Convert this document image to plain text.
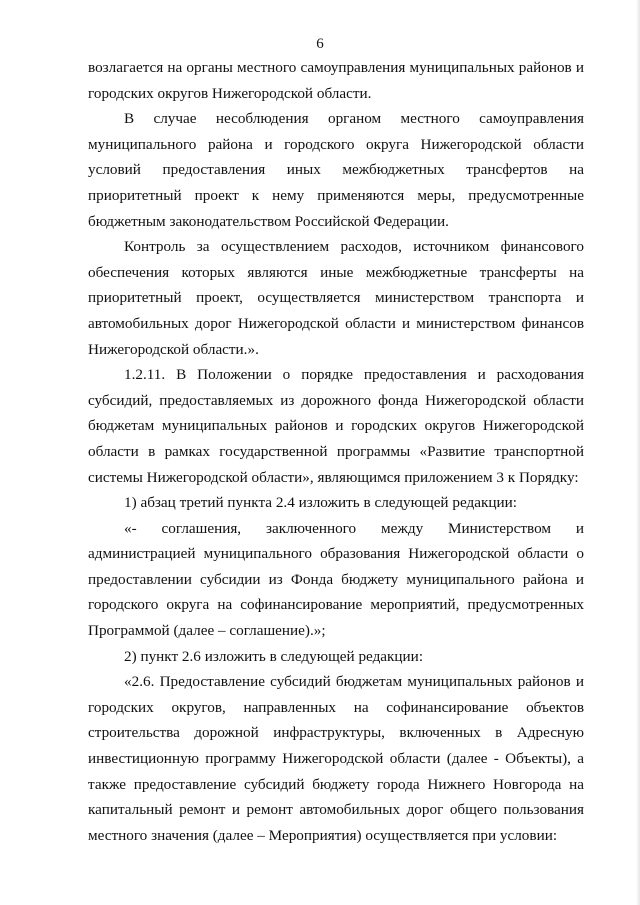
6

возлагается на органы местного самоуправления муниципальных районов и городских округов Нижегородской области.

В случае несоблюдения органом местного самоуправления муниципального района и городского округа Нижегородской области условий предоставления иных межбюджетных трансфертов на приоритетный проект к нему применяются меры, предусмотренные бюджетным законодательством Российской Федерации.

Контроль за осуществлением расходов, источником финансового обеспечения которых являются иные межбюджетные трансферты на приоритетный проект, осуществляется министерством транспорта и автомобильных дорог Нижегородской области и министерством финансов Нижегородской области.».

1.2.11. В Положении о порядке предоставления и расходования субсидий, предоставляемых из дорожного фонда Нижегородской области бюджетам муниципальных районов и городских округов Нижегородской области в рамках государственной программы «Развитие транспортной системы Нижегородской области», являющимся приложением 3 к Порядку:

1) абзац третий пункта 2.4 изложить в следующей редакции:

«- соглашения, заключенного между Министерством и администрацией муниципального образования Нижегородской области о предоставлении субсидии из Фонда бюджету муниципального района и городского округа на софинансирование мероприятий, предусмотренных Программой (далее – соглашение).»;

2) пункт 2.6 изложить в следующей редакции:

«2.6. Предоставление субсидий бюджетам муниципальных районов и городских округов, направленных на софинансирование объектов строительства дорожной инфраструктуры, включенных в Адресную инвестиционную программу Нижегородской области (далее - Объекты), а также предоставление субсидий бюджету города Нижнего Новгорода на капитальный ремонт и ремонт автомобильных дорог общего пользования местного значения (далее – Мероприятия) осуществляется при условии:
